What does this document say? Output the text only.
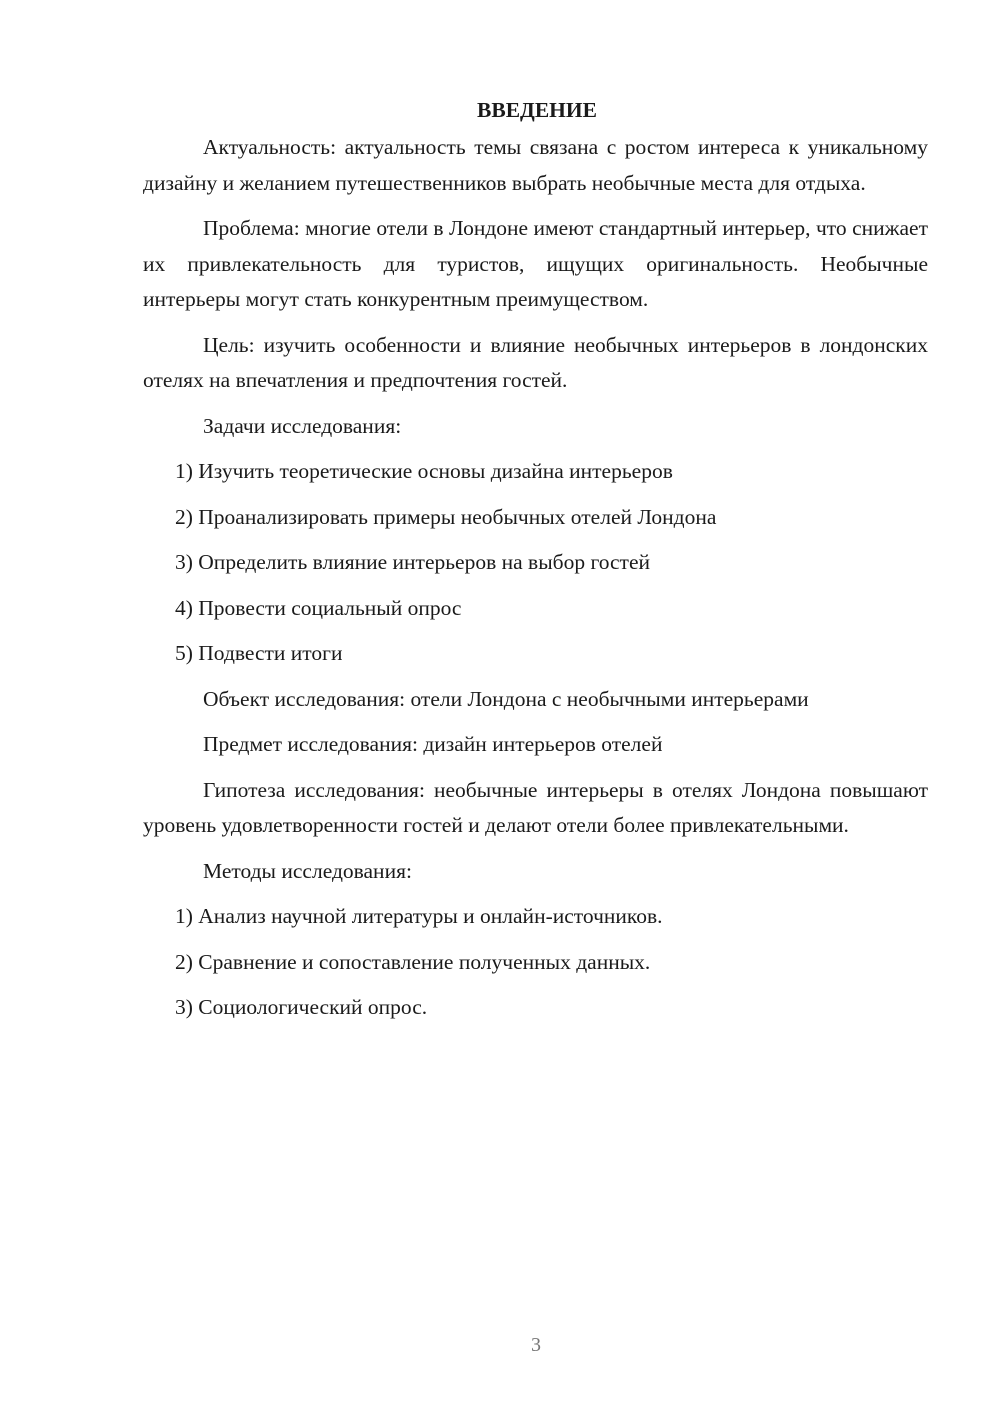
ВВЕДЕНИЕ

Актуальность: актуальность темы связана с ростом интереса к уникальному дизайну и желанием путешественников выбрать необычные места для отдыха.

Проблема: многие отели в Лондоне имеют стандартный интерьер, что снижает их привлекательность для туристов, ищущих оригинальность. Необычные интерьеры могут стать конкурентным преимуществом.

Цель: изучить особенности и влияние необычных интерьеров в лондонских отелях на впечатления и предпочтения гостей.

Задачи исследования:

1) Изучить теоретические основы дизайна интерьеров

2) Проанализировать примеры необычных отелей Лондона

3) Определить влияние интерьеров на выбор гостей

4) Провести социальный опрос

5) Подвести итоги

Объект исследования: отели Лондона с необычными интерьерами

Предмет исследования: дизайн интерьеров отелей

Гипотеза исследования: необычные интерьеры в отелях Лондона повышают уровень удовлетворенности гостей и делают отели более привлекательными.

Методы исследования:

1) Анализ научной литературы и онлайн-источников.

2) Сравнение и сопоставление полученных данных.

3) Социологический опрос.

3
